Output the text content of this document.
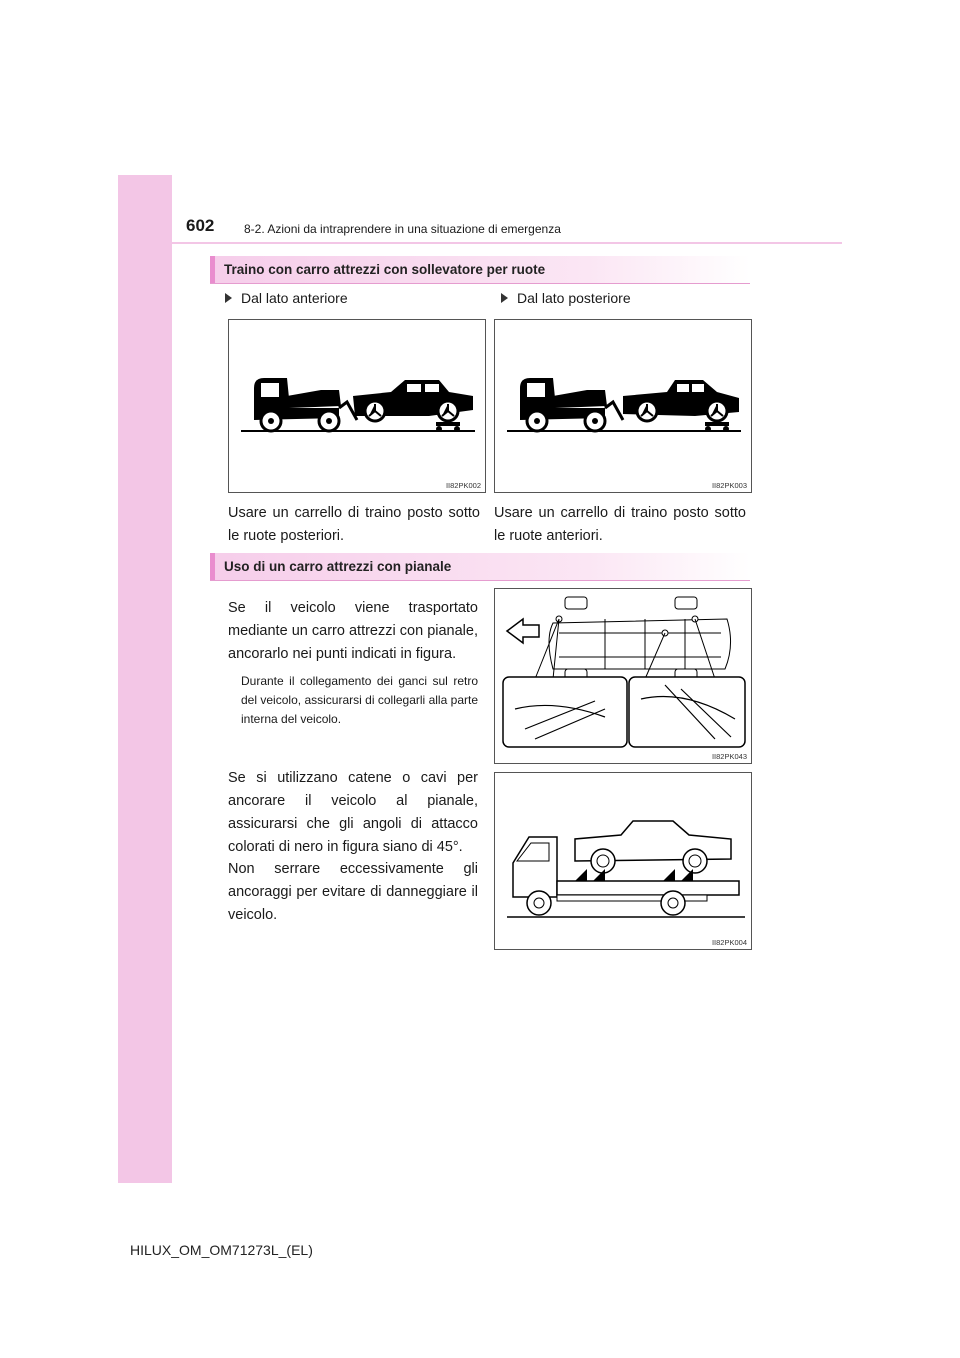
602 8-2. Azioni da intraprendere in una situazione di emergenza
Traino con carro attrezzi con sollevatore per ruote
Dal lato anteriore	Dal lato posteriore
II82PK002	II82PK003
Usare un carrello di traino posto sotto le ruote posteriori.
Usare un carrello di traino posto sotto le ruote anteriori.
Uso di un carro attrezzi con pianale
Se il veicolo viene trasportato mediante un carro attrezzi con pianale, ancorarlo nei punti indicati in figura.
Durante il collegamento dei ganci sul retro del veicolo, assicurarsi di collegarli alla parte interna del veicolo.
Se si utilizzano catene o cavi per ancorare il veicolo al pianale, assicurarsi che gli angoli di attacco colorati di nero in figura siano di 45°.
Non serrare eccessivamente gli ancoraggi per evitare di danneggiare il veicolo.
II82PK043
II82PK004
HILUX_OM_OM71273L_(EL)
